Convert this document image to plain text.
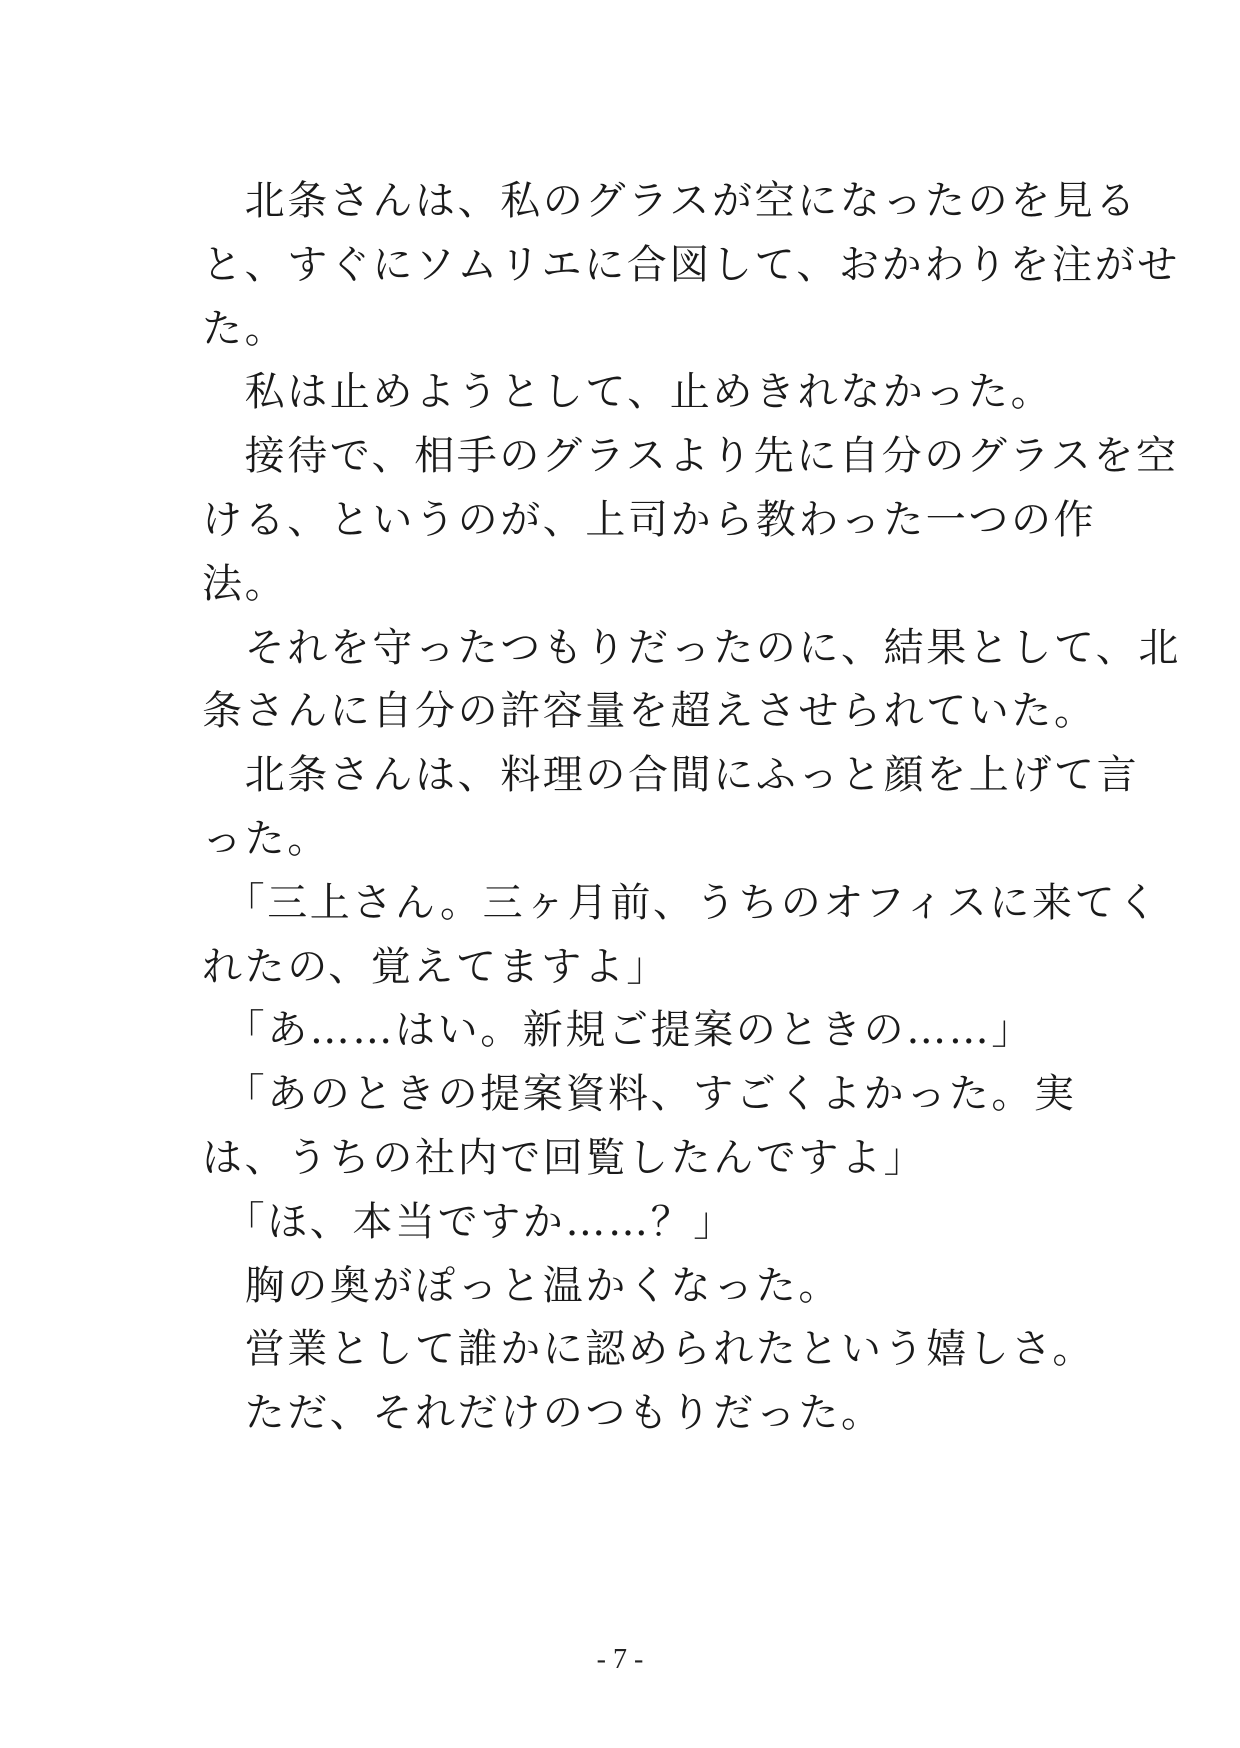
　北条さんは、私のグラスが空になったのを見る
と、すぐにソムリエに合図して、おかわりを注がせ
た。
　私は止めようとして、止めきれなかった。
　接待で、相手のグラスより先に自分のグラスを空
ける、というのが、上司から教わった一つの作
法。
　それを守ったつもりだったのに、結果として、北
条さんに自分の許容量を超えさせられていた。
　北条さんは、料理の合間にふっと顔を上げて言
った。
　「三上さん。三ヶ月前、うちのオフィスに来てく
れたの、覚えてますよ」
　「あ……はい。新規ご提案のときの……」
　「あのときの提案資料、すごくよかった。実
は、うちの社内で回覧したんですよ」
　「ほ、本当ですか……？」
　胸の奥がぽっと温かくなった。
　営業として誰かに認められたという嬉しさ。
　ただ、それだけのつもりだった。
- 7 -
